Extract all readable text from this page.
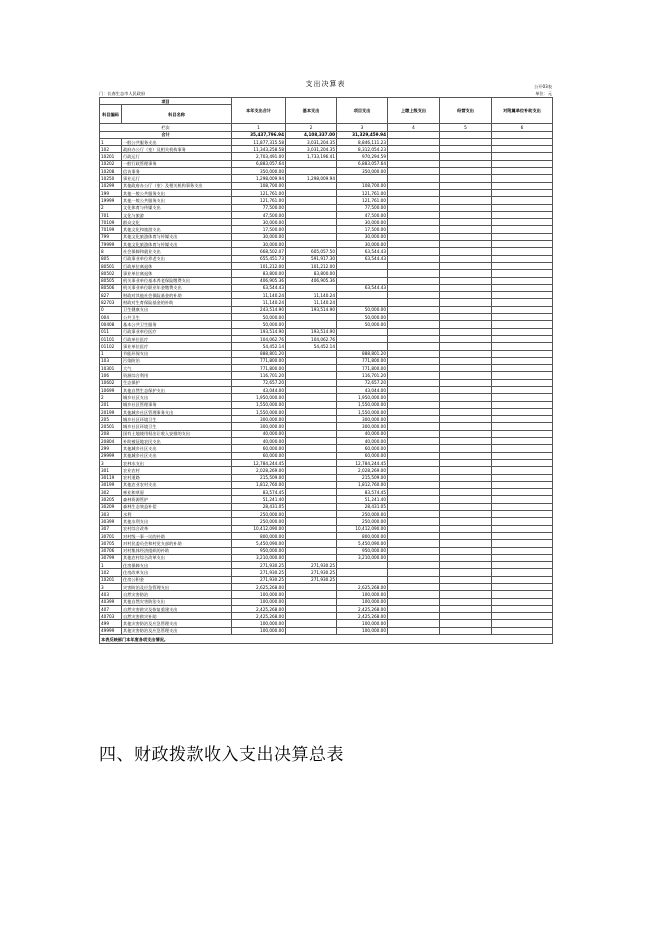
支出决算表
门：长春生态市人民政府
公开03表
单位：元
项目		本年支出合计	基本支出	项目支出	上缴上级支出	经营支出	对附属单位补助支出
科目编码	科目名称						
栏次		1	2	3	4	5	6
合计		35,437,796.94	4,108,337.00	31,329,459.94			
1	一般公共服务支出	11,877,315.58	3,031,204.35	8,846,111.23			
102	政府办公厅（室）及相关机构事务	11,343,258.58	3,031,204.35	8,312,054.23			
10201	行政运行	2,703,491.00	1,733,196.41	970,294.59			
10202	一般行政管理事务	6,883,057.64		6,883,057.64			
10208	信访事务	350,000.00		350,000.00			
10250	事业运行	1,298,009.94	1,298,009.94				
10299	其他政府办公厅（室）及相关机构事务支出	108,700.00		108,700.00			
199	其他一般公共服务支出	121,761.00		121,761.00			
19999	其他一般公共服务支出	121,761.00		121,761.00			
2	文化体育与传媒支出	77,500.00		77,500.00			
701	文化与旅游	47,500.00		47,500.00			
70109	群众文化	30,000.00		30,000.00			
70199	其他文化和旅游支出	17,500.00		17,500.00			
799	其他文化旅游体育与传媒支出	30,000.00		30,000.00			
79999	其他文化旅游体育与传媒支出	30,000.00		30,000.00			
8	社会保障和就业支出	668,502.07	605,057.50	63,544.43			
805	行政事业单位养老支出	655,451.73	591,917.30	63,544.43			
80501	行政单位离退休	101,212.00	101,212.00				
80502	事业单位离退休	83,800.00	83,800.00				
80505	机关事业单位基本养老保险缴费支出	406,905.36	406,905.36				
80506	机关事业单位职业年金缴费支出	63,544.43		63,544.43			
827	财政对其他社会保险基金的补助	11,140.24	11,140.24				
82703	财政对生育保险基金的补助	11,140.24	11,140.24				
0	卫生健康支出	243,514.90	193,514.90	50,000.00			
004	公共卫生	50,000.00		50,000.00			
00408	基本公共卫生服务	50,000.00		50,000.00			
011	行政事业单位医疗	193,514.90	193,514.90				
01101	行政单位医疗	104,062.76	104,062.76				
01102	事业单位医疗	54,452.14	54,452.14				
1	节能环保支出	888,801.20		888,801.20			
103	污染防治	771,800.00		771,800.00			
10301	大气	771,800.00		771,800.00			
106	资源综合利用	116,701.20		116,701.20			
10602	生态保护	72,657.20		72,657.20			
10699	其他自然生态保护支出	43,044.00		43,044.00			
2	城乡社区支出	1,950,000.00		1,950,000.00			
201	城乡社区管理事务	1,550,000.00		1,550,000.00			
20199	其他城乡社区管理事务支出	1,550,000.00		1,550,000.00			
205	城乡社区环境卫生	300,000.00		300,000.00			
20501	城乡社区环境卫生	300,000.00		300,000.00			
208	国有土地使用权出让收入安排的支出	40,000.00		40,000.00			
20804	补助被征地农民支出	40,000.00		40,000.00			
299	其他城乡社区支出	60,000.00		60,000.00			
29999	其他城乡社区支出	60,000.00		60,000.00			
3	农林水支出	12,784,244.45		12,784,244.45			
301	农业农村	2,028,269.00		2,028,269.00			
30119	农村道路	215,509.00		215,509.00			
30199	其他农业农村支出	1,812,760.00		1,812,760.00			
302	林业和草原	83,574.45		83,574.45			
30205	森林资源管护	51,241.40		51,241.40			
30209	森林生态效益补偿	28,431.05		28,431.05			
303	水利	250,000.00		250,000.00			
30399	其他水利支出	250,000.00		250,000.00			
307	农村综合改革	10,412,090.00		10,412,090.00			
30701	对村级一事一议的补助	800,000.00		800,000.00			
30705	对村民委员会和村党支部的补助	5,450,090.00		5,450,090.00			
30706	对村集体经济组织的补助	950,000.00		950,000.00			
30799	其他农村综合改革支出	3,210,000.00		3,210,000.00			
1	住房保障支出	271,930.25	271,930.25				
102	住房改革支出	271,930.25	271,930.25				
10201	住房公积金	271,930.25	271,930.25				
3	灾害防治及应急管理支出	2,625,268.00		2,625,268.00			
403	自然灾害防治	100,000.00		100,000.00			
40399	其他自然灾害防治支出	100,000.00		100,000.00			
407	自然灾害救灾及恢复重建支出	2,425,268.00		2,425,268.00			
40703	自然灾害救灾补助	2,425,268.00		2,425,268.00			
499	其他灾害防治及应急管理支出	100,000.00		100,000.00			
49999	其他灾害防治及应急管理支出	100,000.00		100,000.00			
本表反映部门本年度各项支出情况。							
四、财政拨款收入支出决算总表
